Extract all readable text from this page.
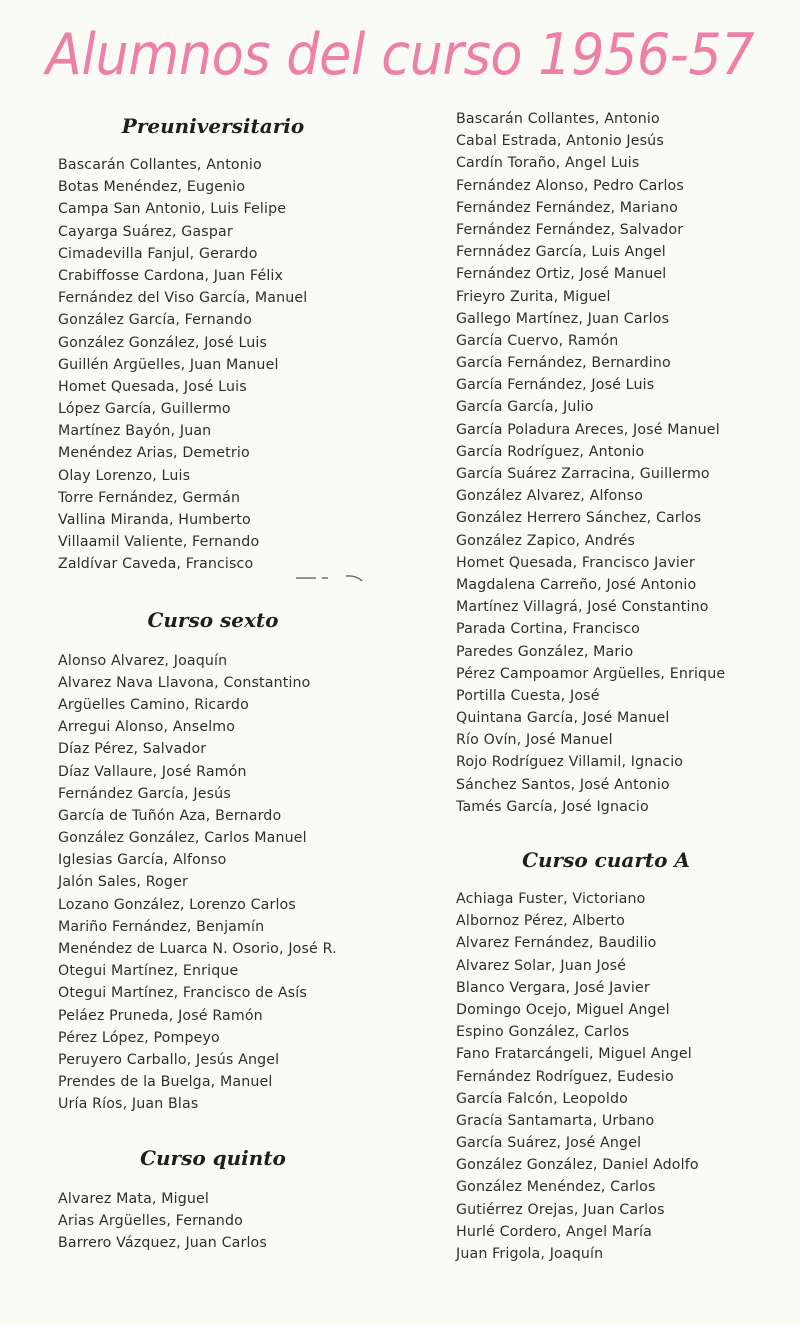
Alumnos del curso 1956-57
Preuniversitario
Bascarán Collantes, Antonio
Botas Menéndez, Eugenio
Campa San Antonio, Luis Felipe
Cayarga Suárez, Gaspar
Cimadevilla Fanjul, Gerardo
Crabiffosse Cardona, Juan Félix
Fernández del Viso García, Manuel
González García, Fernando
González González, José Luis
Guillén Argüelles, Juan Manuel
Homet Quesada, José Luis
López García, Guillermo
Martínez Bayón, Juan
Menéndez Arias, Demetrio
Olay Lorenzo, Luis
Torre Fernández, Germán
Vallina Miranda, Humberto
Villaamil Valiente, Fernando
Zaldívar Caveda, Francisco
Curso sexto
Alonso Alvarez, Joaquín
Alvarez Nava Llavona, Constantino
Argüelles Camino, Ricardo
Arregui Alonso, Anselmo
Díaz Pérez, Salvador
Díaz Vallaure, José Ramón
Fernández García, Jesús
García de Tuñón Aza, Bernardo
González González, Carlos Manuel
Iglesias García, Alfonso
Jalón Sales, Roger
Lozano González, Lorenzo Carlos
Mariño Fernández, Benjamín
Menéndez de Luarca N. Osorio, José R.
Otegui Martínez, Enrique
Otegui Martínez, Francisco de Asís
Peláez Pruneda, José Ramón
Pérez López, Pompeyo
Peruyero Carballo, Jesús Angel
Prendes de la Buelga, Manuel
Uría Ríos, Juan Blas
Curso quinto
Alvarez Mata, Miguel
Arias Argüelles, Fernando
Barrero Vázquez, Juan Carlos
Bascarán Collantes, Antonio
Cabal Estrada, Antonio Jesús
Cardín Toraño, Angel Luis
Fernández Alonso, Pedro Carlos
Fernández Fernández, Mariano
Fernández Fernández, Salvador
Fernnádez García, Luis Angel
Fernández Ortiz, José Manuel
Frieyro Zurita, Miguel
Gallego Martínez, Juan Carlos
García Cuervo, Ramón
García Fernández, Bernardino
García Fernández, José Luis
García García, Julio
García Poladura Areces, José Manuel
García Rodríguez, Antonio
García Suárez Zarracina, Guillermo
González Alvarez, Alfonso
González Herrero Sánchez, Carlos
González Zapico, Andrés
Homet Quesada, Francisco Javier
Magdalena Carreño, José Antonio
Martínez Villagrá, José Constantino
Parada Cortina, Francisco
Paredes González, Mario
Pérez Campoamor Argüelles, Enrique
Portilla Cuesta, José
Quintana García, José Manuel
Río Ovín, José Manuel
Rojo Rodríguez Villamil, Ignacio
Sánchez Santos, José Antonio
Tamés García, José Ignacio
Curso cuarto A
Achiaga Fuster, Victoriano
Albornoz Pérez, Alberto
Alvarez Fernández, Baudilio
Alvarez Solar, Juan José
Blanco Vergara, José Javier
Domingo Ocejo, Miguel Angel
Espino González, Carlos
Fano Fratarcángeli, Miguel Angel
Fernández Rodríguez, Eudesio
García Falcón, Leopoldo
Gracía Santamarta, Urbano
García Suárez, José Angel
González González, Daniel Adolfo
González Menéndez, Carlos
Gutiérrez Orejas, Juan Carlos
Hurlé Cordero, Angel María
Juan Frigola, Joaquín
